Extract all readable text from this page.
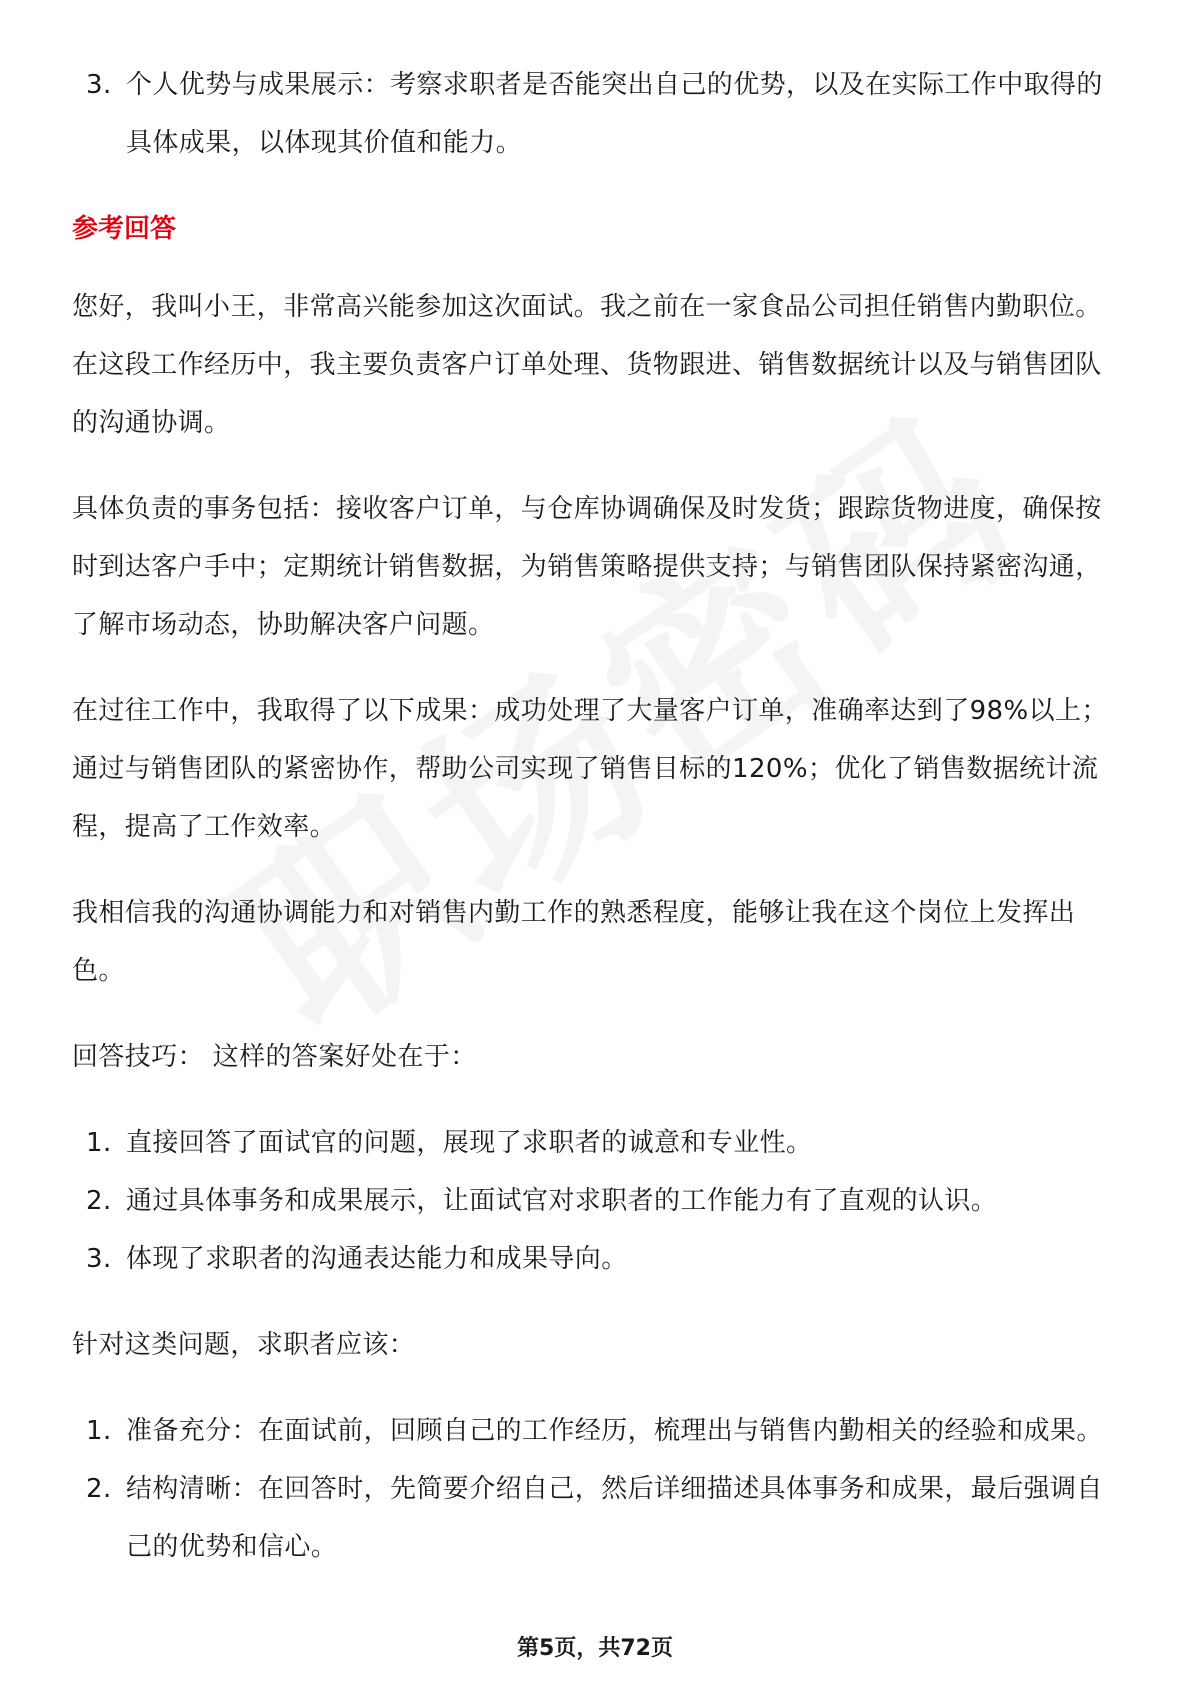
3. 个人优势与成果展示：考察求职者是否能突出自己的优势，以及在实际工作中取得的具体成果，以体现其价值和能力。
参考回答

您好，我叫小王，非常高兴能参加这次面试。我之前在一家食品公司担任销售内勤职位。在这段工作经历中，我主要负责客户订单处理、货物跟进、销售数据统计以及与销售团队的沟通协调。

具体负责的事务包括：接收客户订单，与仓库协调确保及时发货；跟踪货物进度，确保按时到达客户手中；定期统计销售数据，为销售策略提供支持；与销售团队保持紧密沟通，了解市场动态，协助解决客户问题。

在过往工作中，我取得了以下成果：成功处理了大量客户订单，准确率达到了98%以上；通过与销售团队的紧密协作，帮助公司实现了销售目标的120%；优化了销售数据统计流程，提高了工作效率。

我相信我的沟通协调能力和对销售内勤工作的熟悉程度，能够让我在这个岗位上发挥出色。

回答技巧： 这样的答案好处在于：

1. 直接回答了面试官的问题，展现了求职者的诚意和专业性。
2. 通过具体事务和成果展示，让面试官对求职者的工作能力有了直观的认识。
3. 体现了求职者的沟通表达能力和成果导向。

针对这类问题，求职者应该：

1. 准备充分：在面试前，回顾自己的工作经历，梳理出与销售内勤相关的经验和成果。
2. 结构清晰：在回答时，先简要介绍自己，然后详细描述具体事务和成果，最后强调自己的优势和信心。
第5页，共72页
